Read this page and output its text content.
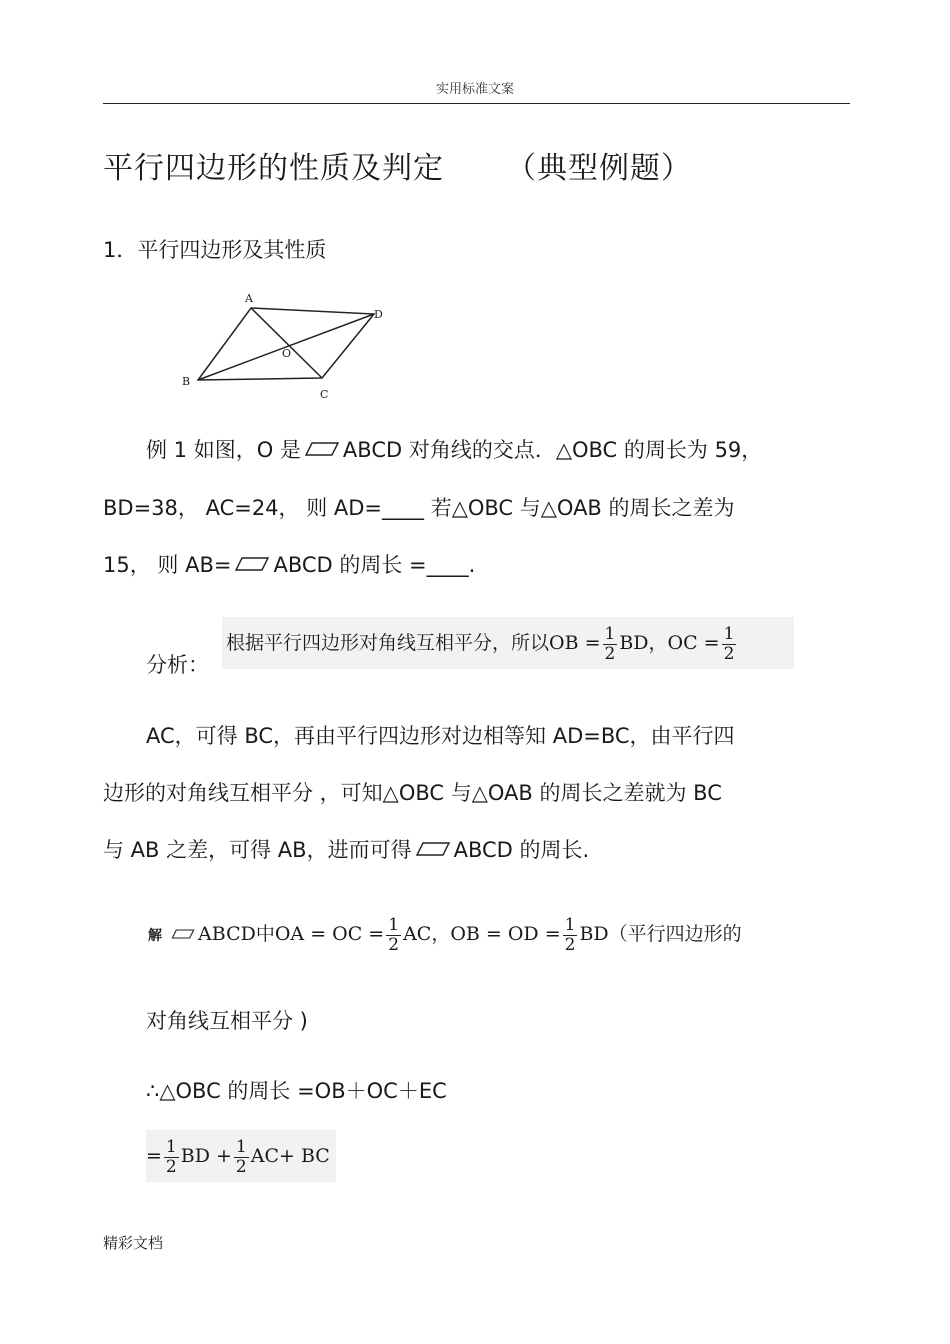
实用标准文案
平行四边形的性质及判定 （典型例题）
1．平行四边形及其性质
A
D
O
B
C
例 1 如图，O 是 ABCD 对角线的交点．△OBC 的周长为 59，
BD=38， AC=24， 则 AD=____ 若△OBC 与△OAB 的周长之差为
15， 则 AB= ABCD 的周长 =____.
分析：
根据平行四边形对角线互相平分，所以OB = $\frac{1}{2}$ BD，OC = $\frac{1}{2}$
AC，可得 BC，再由平行四边形对边相等知 AD=BC，由平行四
边形的对角线互相平分 ，可知△OBC 与△OAB 的周长之差就为 BC
与 AB 之差，可得 AB，进而可得 ABCD 的周长.
解 ABCD中OA = OC = $\frac{1}{2}$ AC，OB = OD = $\frac{1}{2} BD$（平行四边形的
对角线互相平分 )
∴△OBC 的周长 =OB＋OC＋EC
= $\frac{1}{2}$ BD + $\frac{1}{2} AC+$ BC
精彩文档
